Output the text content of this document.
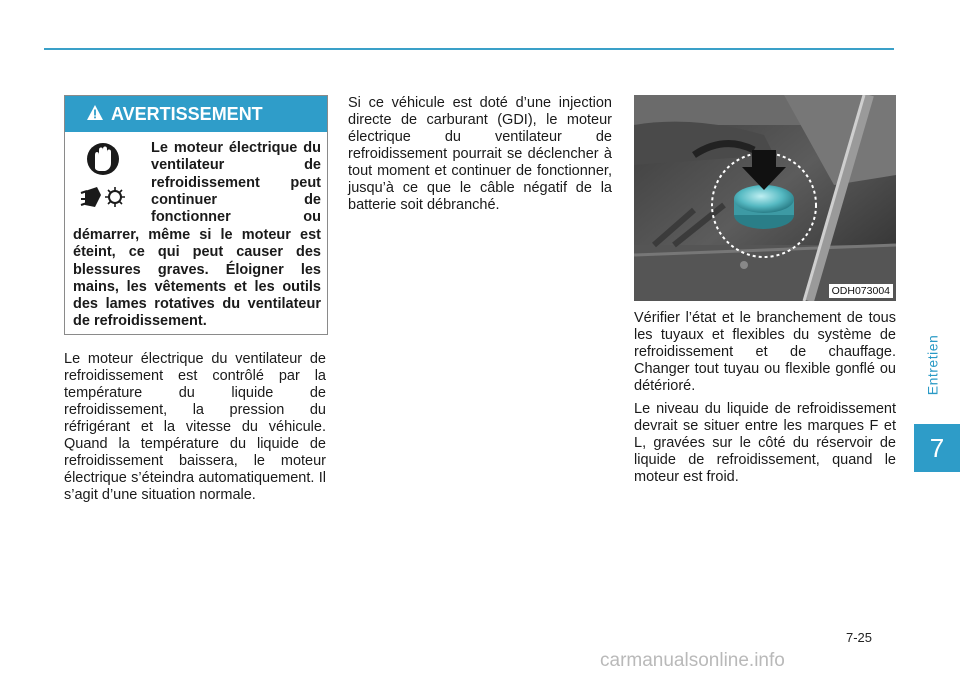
AVERTISSEMENT
Le moteur électrique du ventilateur de refroidissement peut continuer de fonctionner ou
démarrer, même si le moteur est éteint, ce qui peut causer des blessures graves. Éloigner les mains, les vêtements et les outils des lames rotatives du ventilateur de refroidissement.
Le moteur électrique du ventilateur de refroidissement est contrôlé par la température du liquide de refroidissement, la pression du réfrigérant et la vitesse du véhicule. Quand la température du liquide de refroidissement baissera, le moteur électrique s’éteindra automatiquement. Il s’agit d’une situation normale.
Si ce véhicule est doté d’une injection directe de carburant (GDI), le moteur électrique du ventilateur de refroidissement pourrait se déclencher à tout moment et continuer de fonctionner, jusqu’à ce que le câble négatif de la batterie soit débranché.
ODH073004

Vérifier l’état et le branchement de tous les tuyaux et flexibles du système de refroidissement et de chauffage. Changer tout tuyau ou flexible gonflé ou détérioré.

Le niveau du liquide de refroidissement devrait se situer entre les marques F et L, gravées sur le côté du réservoir de liquide de refroidissement, quand le moteur est froid.

Entretien
7
7-25
carmanualsonline.info
